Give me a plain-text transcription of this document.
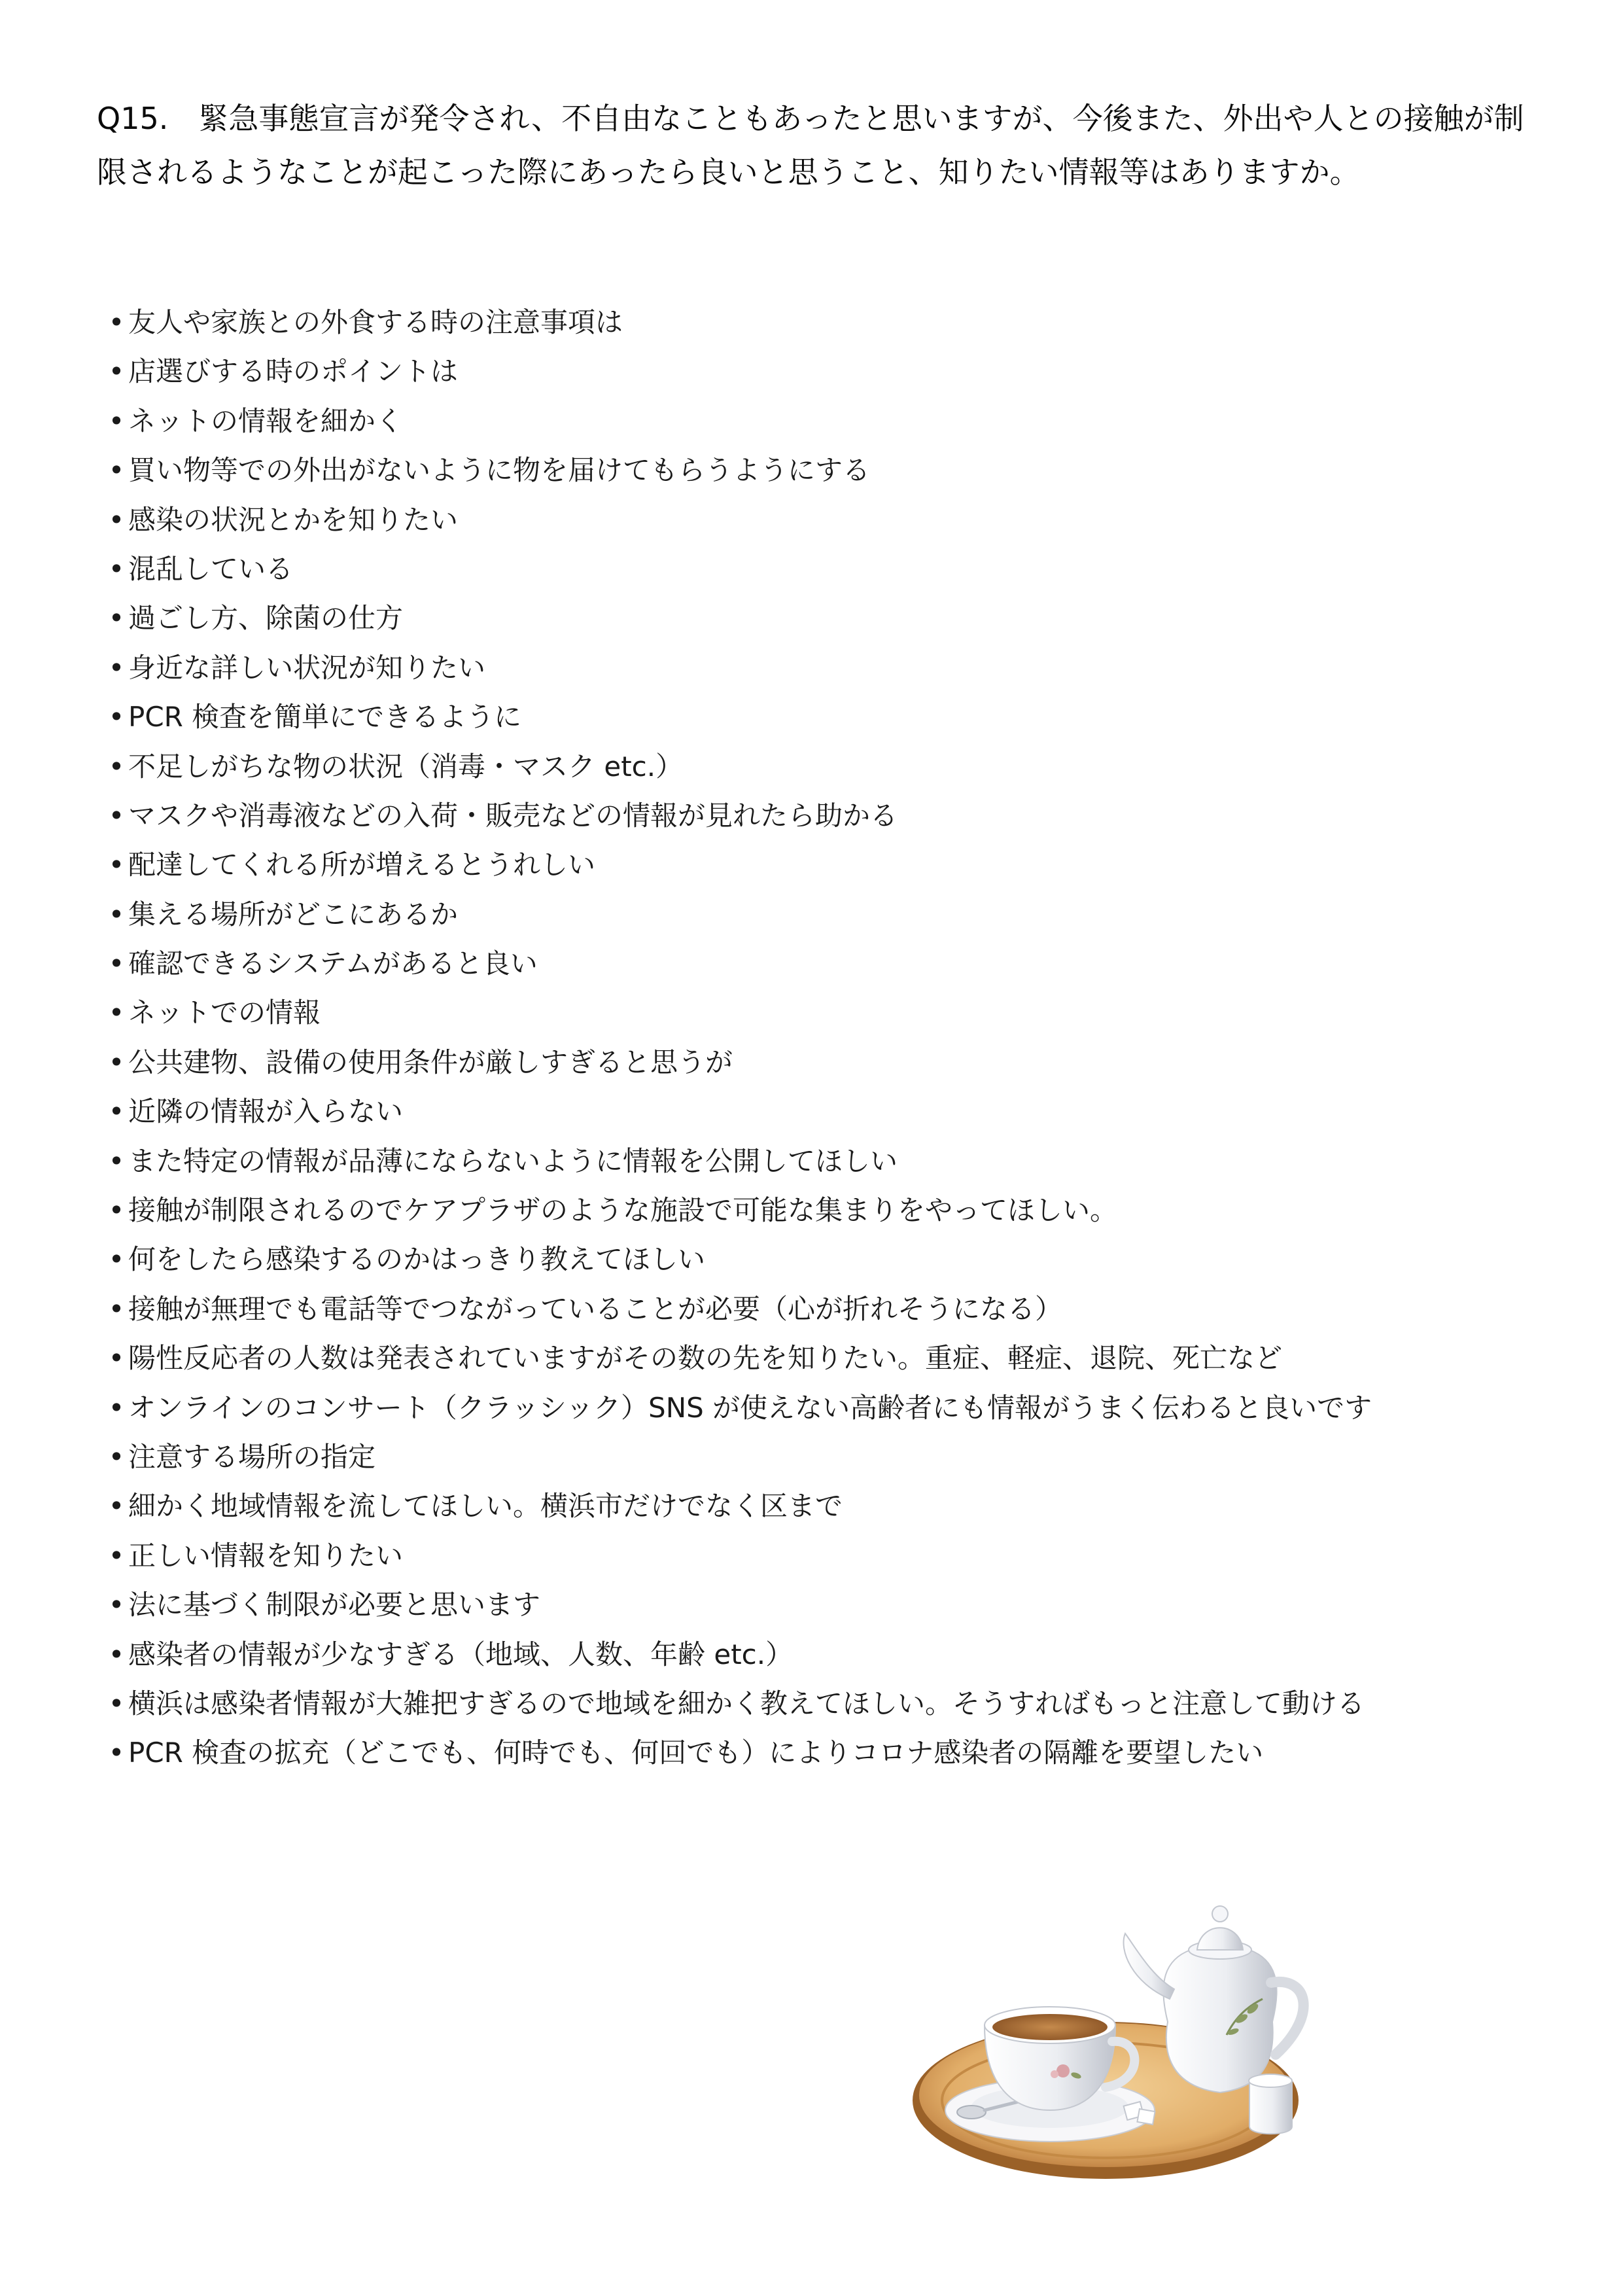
Q15.　緊急事態宣言が発令され、不自由なこともあったと思いますが、今後また、外出や人との接触が制限されるようなことが起こった際にあったら良いと思うこと、知りたい情報等はありますか。
• 友人や家族との外食する時の注意事項は
• 店選びする時のポイントは
• ネットの情報を細かく
• 買い物等での外出がないように物を届けてもらうようにする
• 感染の状況とかを知りたい
• 混乱している
• 過ごし方、除菌の仕方
• 身近な詳しい状況が知りたい
• PCR 検査を簡単にできるように
• 不足しがちな物の状況（消毒・マスク etc.）
• マスクや消毒液などの入荷・販売などの情報が見れたら助かる
• 配達してくれる所が増えるとうれしい
• 集える場所がどこにあるか
• 確認できるシステムがあると良い
• ネットでの情報
• 公共建物、設備の使用条件が厳しすぎると思うが
• 近隣の情報が入らない
• また特定の情報が品薄にならないように情報を公開してほしい
• 接触が制限されるのでケアプラザのような施設で可能な集まりをやってほしい。
• 何をしたら感染するのかはっきり教えてほしい
• 接触が無理でも電話等でつながっていることが必要（心が折れそうになる）
• 陽性反応者の人数は発表されていますがその数の先を知りたい。重症、軽症、退院、死亡など
• オンラインのコンサート（クラッシック）SNS が使えない高齢者にも情報がうまく伝わると良いです
• 注意する場所の指定
• 細かく地域情報を流してほしい。横浜市だけでなく区まで
• 正しい情報を知りたい
• 法に基づく制限が必要と思います
• 感染者の情報が少なすぎる（地域、人数、年齢 etc.）
• 横浜は感染者情報が大雑把すぎるので地域を細かく教えてほしい。そうすればもっと注意して動ける
• PCR 検査の拡充（どこでも、何時でも、何回でも）によりコロナ感染者の隔離を要望したい
